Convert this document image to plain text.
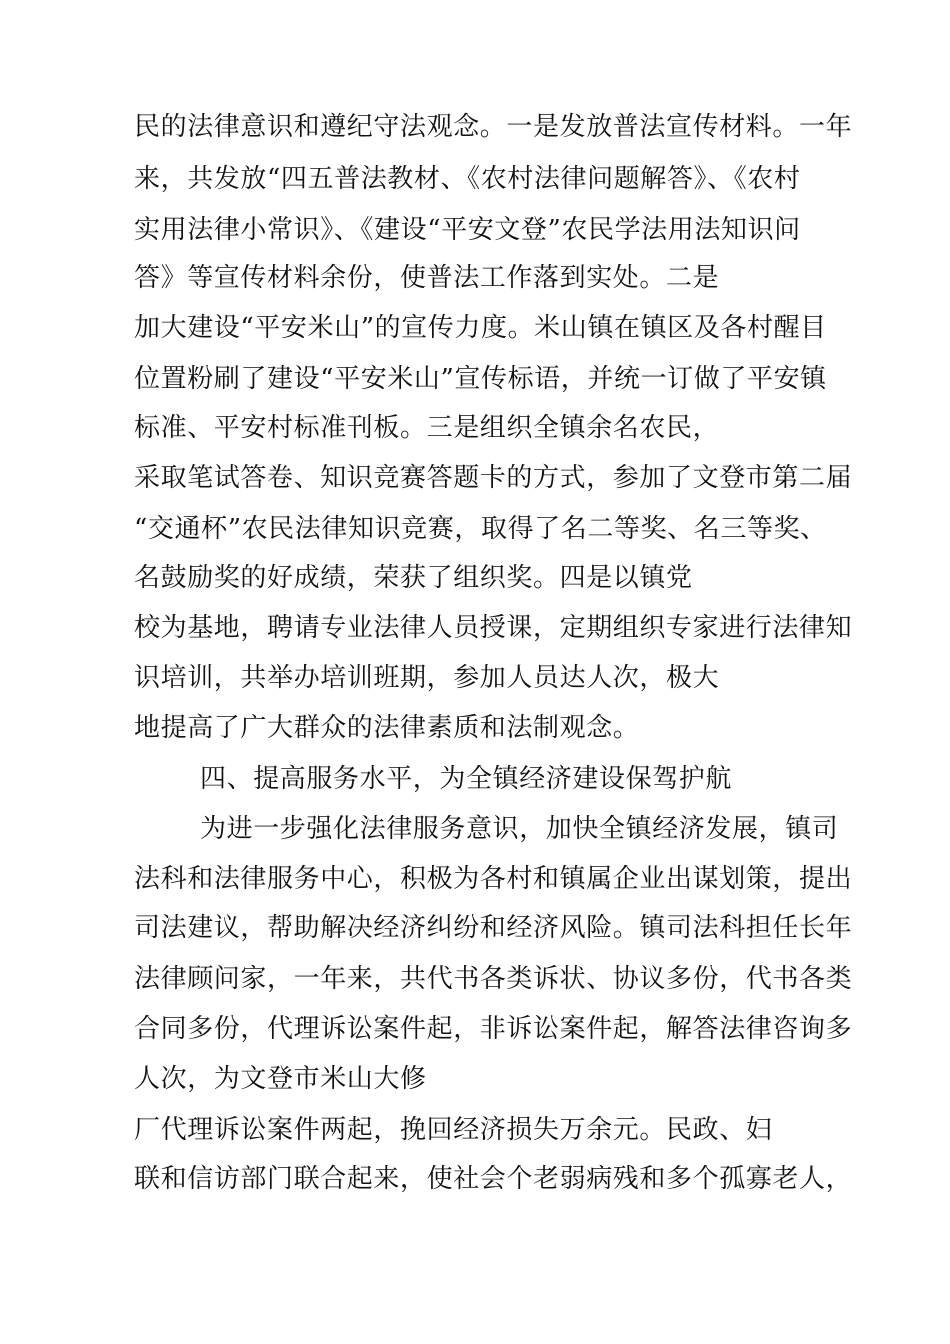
民的法律意识和遵纪守法观念。一是发放普法宣传材料。一年
来，共发放“四五普法教材、《农村法律问题解答》、《农村
实用法律小常识》、《建设“平安文登”农民学法用法知识问
答》等宣传材料余份，使普法工作落到实处。二是
加大建设“平安米山”的宣传力度。米山镇在镇区及各村醒目
位置粉刷了建设“平安米山”宣传标语，并统一订做了平安镇
标准、平安村标准刊板。三是组织全镇余名农民，
采取笔试答卷、知识竞赛答题卡的方式，参加了文登市第二届
“交通杯”农民法律知识竞赛，取得了名二等奖、名三等奖、
名鼓励奖的好成绩，荣获了组织奖。四是以镇党
校为基地，聘请专业法律人员授课，定期组织专家进行法律知
识培训，共举办培训班期，参加人员达人次，极大
地提高了广大群众的法律素质和法制观念。
四、提高服务水平，为全镇经济建设保驾护航
为进一步强化法律服务意识，加快全镇经济发展，镇司
法科和法律服务中心，积极为各村和镇属企业出谋划策，提出
司法建议，帮助解决经济纠纷和经济风险。镇司法科担任长年
法律顾问家，一年来，共代书各类诉状、协议多份，代书各类
合同多份，代理诉讼案件起，非诉讼案件起，解答法律咨询多
人次，为文登市米山大修
厂代理诉讼案件两起，挽回经济损失万余元。民政、妇
联和信访部门联合起来，使社会个老弱病残和多个孤寡老人，
